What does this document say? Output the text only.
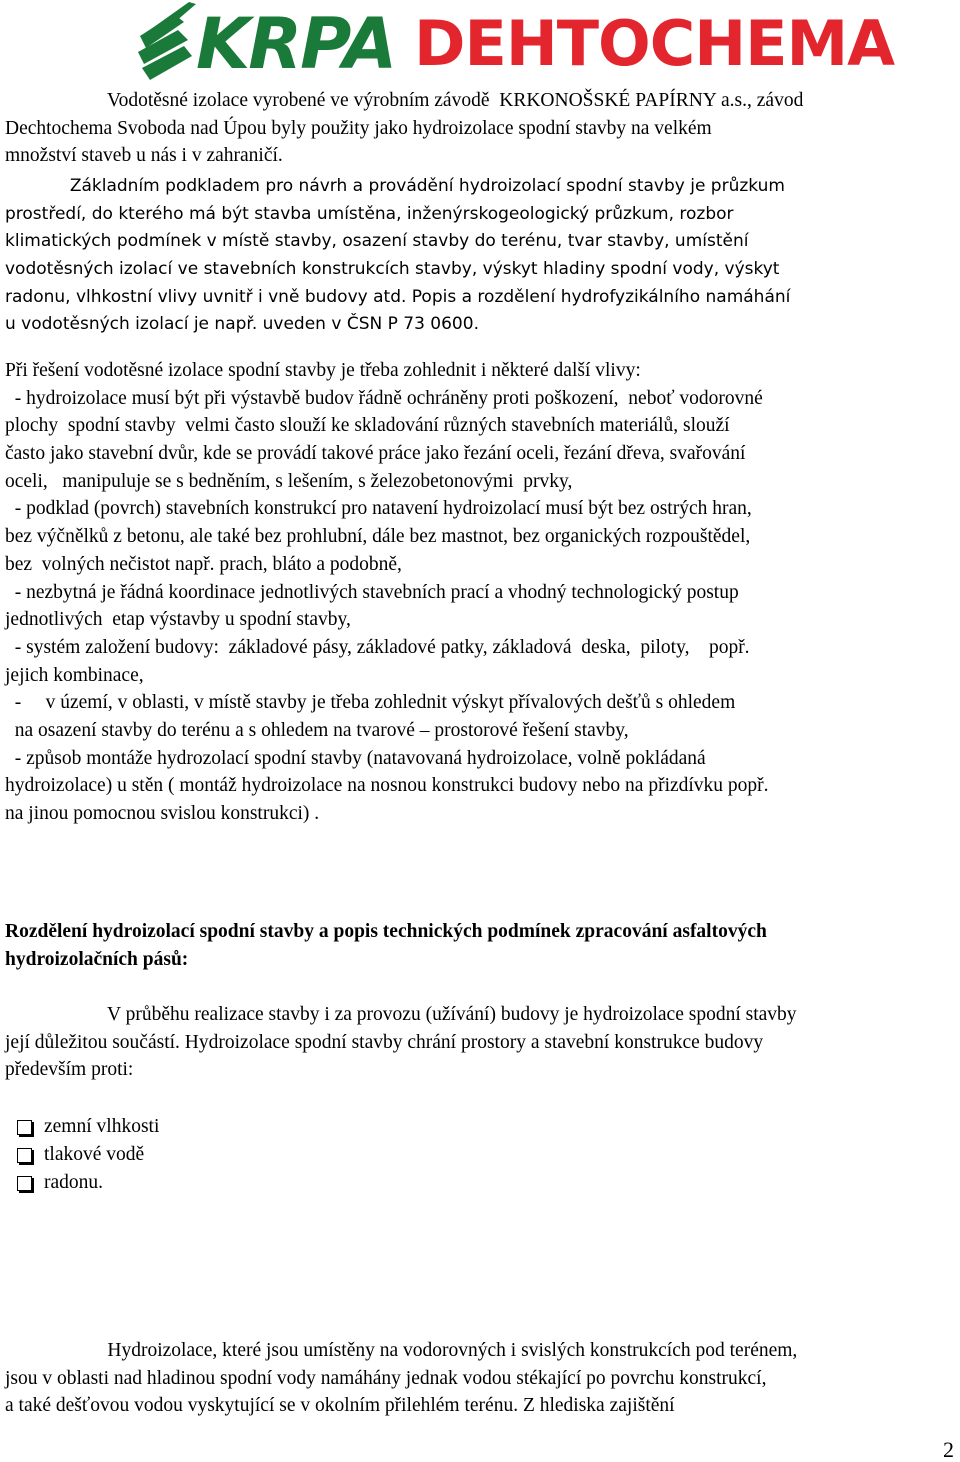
KRPA DEHTOCHEMA
Vodotěsné izolace vyrobené ve výrobním závodě  KRKONOŠSKÉ PAPÍRNY a.s., závod
Dechtochema Svoboda nad Úpou byly použity jako hydroizolace spodní stavby na velkém
množství staveb u nás i v zahraničí.
Základním podkladem pro návrh a provádění hydroizolací spodní stavby je průzkum
prostředí, do kterého má být stavba umístěna, inženýrskogeologický průzkum, rozbor
klimatických podmínek v místě stavby, osazení stavby do terénu, tvar stavby, umístění
vodotěsných izolací ve stavebních konstrukcích stavby, výskyt hladiny spodní vody, výskyt
radonu, vlhkostní vlivy uvnitř i vně budovy atd. Popis a rozdělení hydrofyzikálního namáhání
u vodotěsných izolací je např. uveden v ČSN P 73 0600.
Při řešení vodotěsné izolace spodní stavby je třeba zohlednit i některé další vlivy:
- hydroizolace musí být při výstavbě budov řádně ochráněny proti poškození,  neboť vodorovné
plochy  spodní stavby  velmi často slouží ke skladování různých stavebních materiálů, slouží
často jako stavební dvůr, kde se provádí takové práce jako řezání oceli, řezání dřeva, svařování
oceli,   manipuluje se s bedněním, s lešením, s železobetonovými  prvky,
- podklad (povrch) stavebních konstrukcí pro natavení hydroizolací musí být bez ostrých hran,
bez výčnělků z betonu, ale také bez prohlubní, dále bez mastnot, bez organických rozpouštědel,
bez  volných nečistot např. prach, bláto a podobně,
- nezbytná je řádná koordinace jednotlivých stavebních prací a vhodný technologický postup
jednotlivých  etap výstavby u spodní stavby,
- systém založení budovy:  základové pásy, základové patky, základová  deska,  piloty,    popř.
jejich kombinace,
-     v území, v oblasti, v místě stavby je třeba zohlednit výskyt přívalových dešťů s ohledem
na osazení stavby do terénu a s ohledem na tvarové – prostorové řešení stavby,
- způsob montáže hydrozolací spodní stavby (natavovaná hydroizolace, volně pokládaná
hydroizolace) u stěn ( montáž hydroizolace na nosnou konstrukci budovy nebo na přizdívku popř.
na jinou pomocnou svislou konstrukci) .
Rozdělení hydroizolací spodní stavby a popis technických podmínek zpracování asfaltových
hydroizolačních pásů:
V průběhu realizace stavby i za provozu (užívání) budovy je hydroizolace spodní stavby
její důležitou součástí. Hydroizolace spodní stavby chrání prostory a stavební konstrukce budovy
především proti:
zemní vlhkosti
tlakové vodě
radonu.
Hydroizolace, které jsou umístěny na vodorovných i svislých konstrukcích pod terénem,
jsou v oblasti nad hladinou spodní vody namáhány jednak vodou stékající po povrchu konstrukcí,
a také dešťovou vodou vyskytující se v okolním přilehlém terénu. Z hlediska zajištění
2
